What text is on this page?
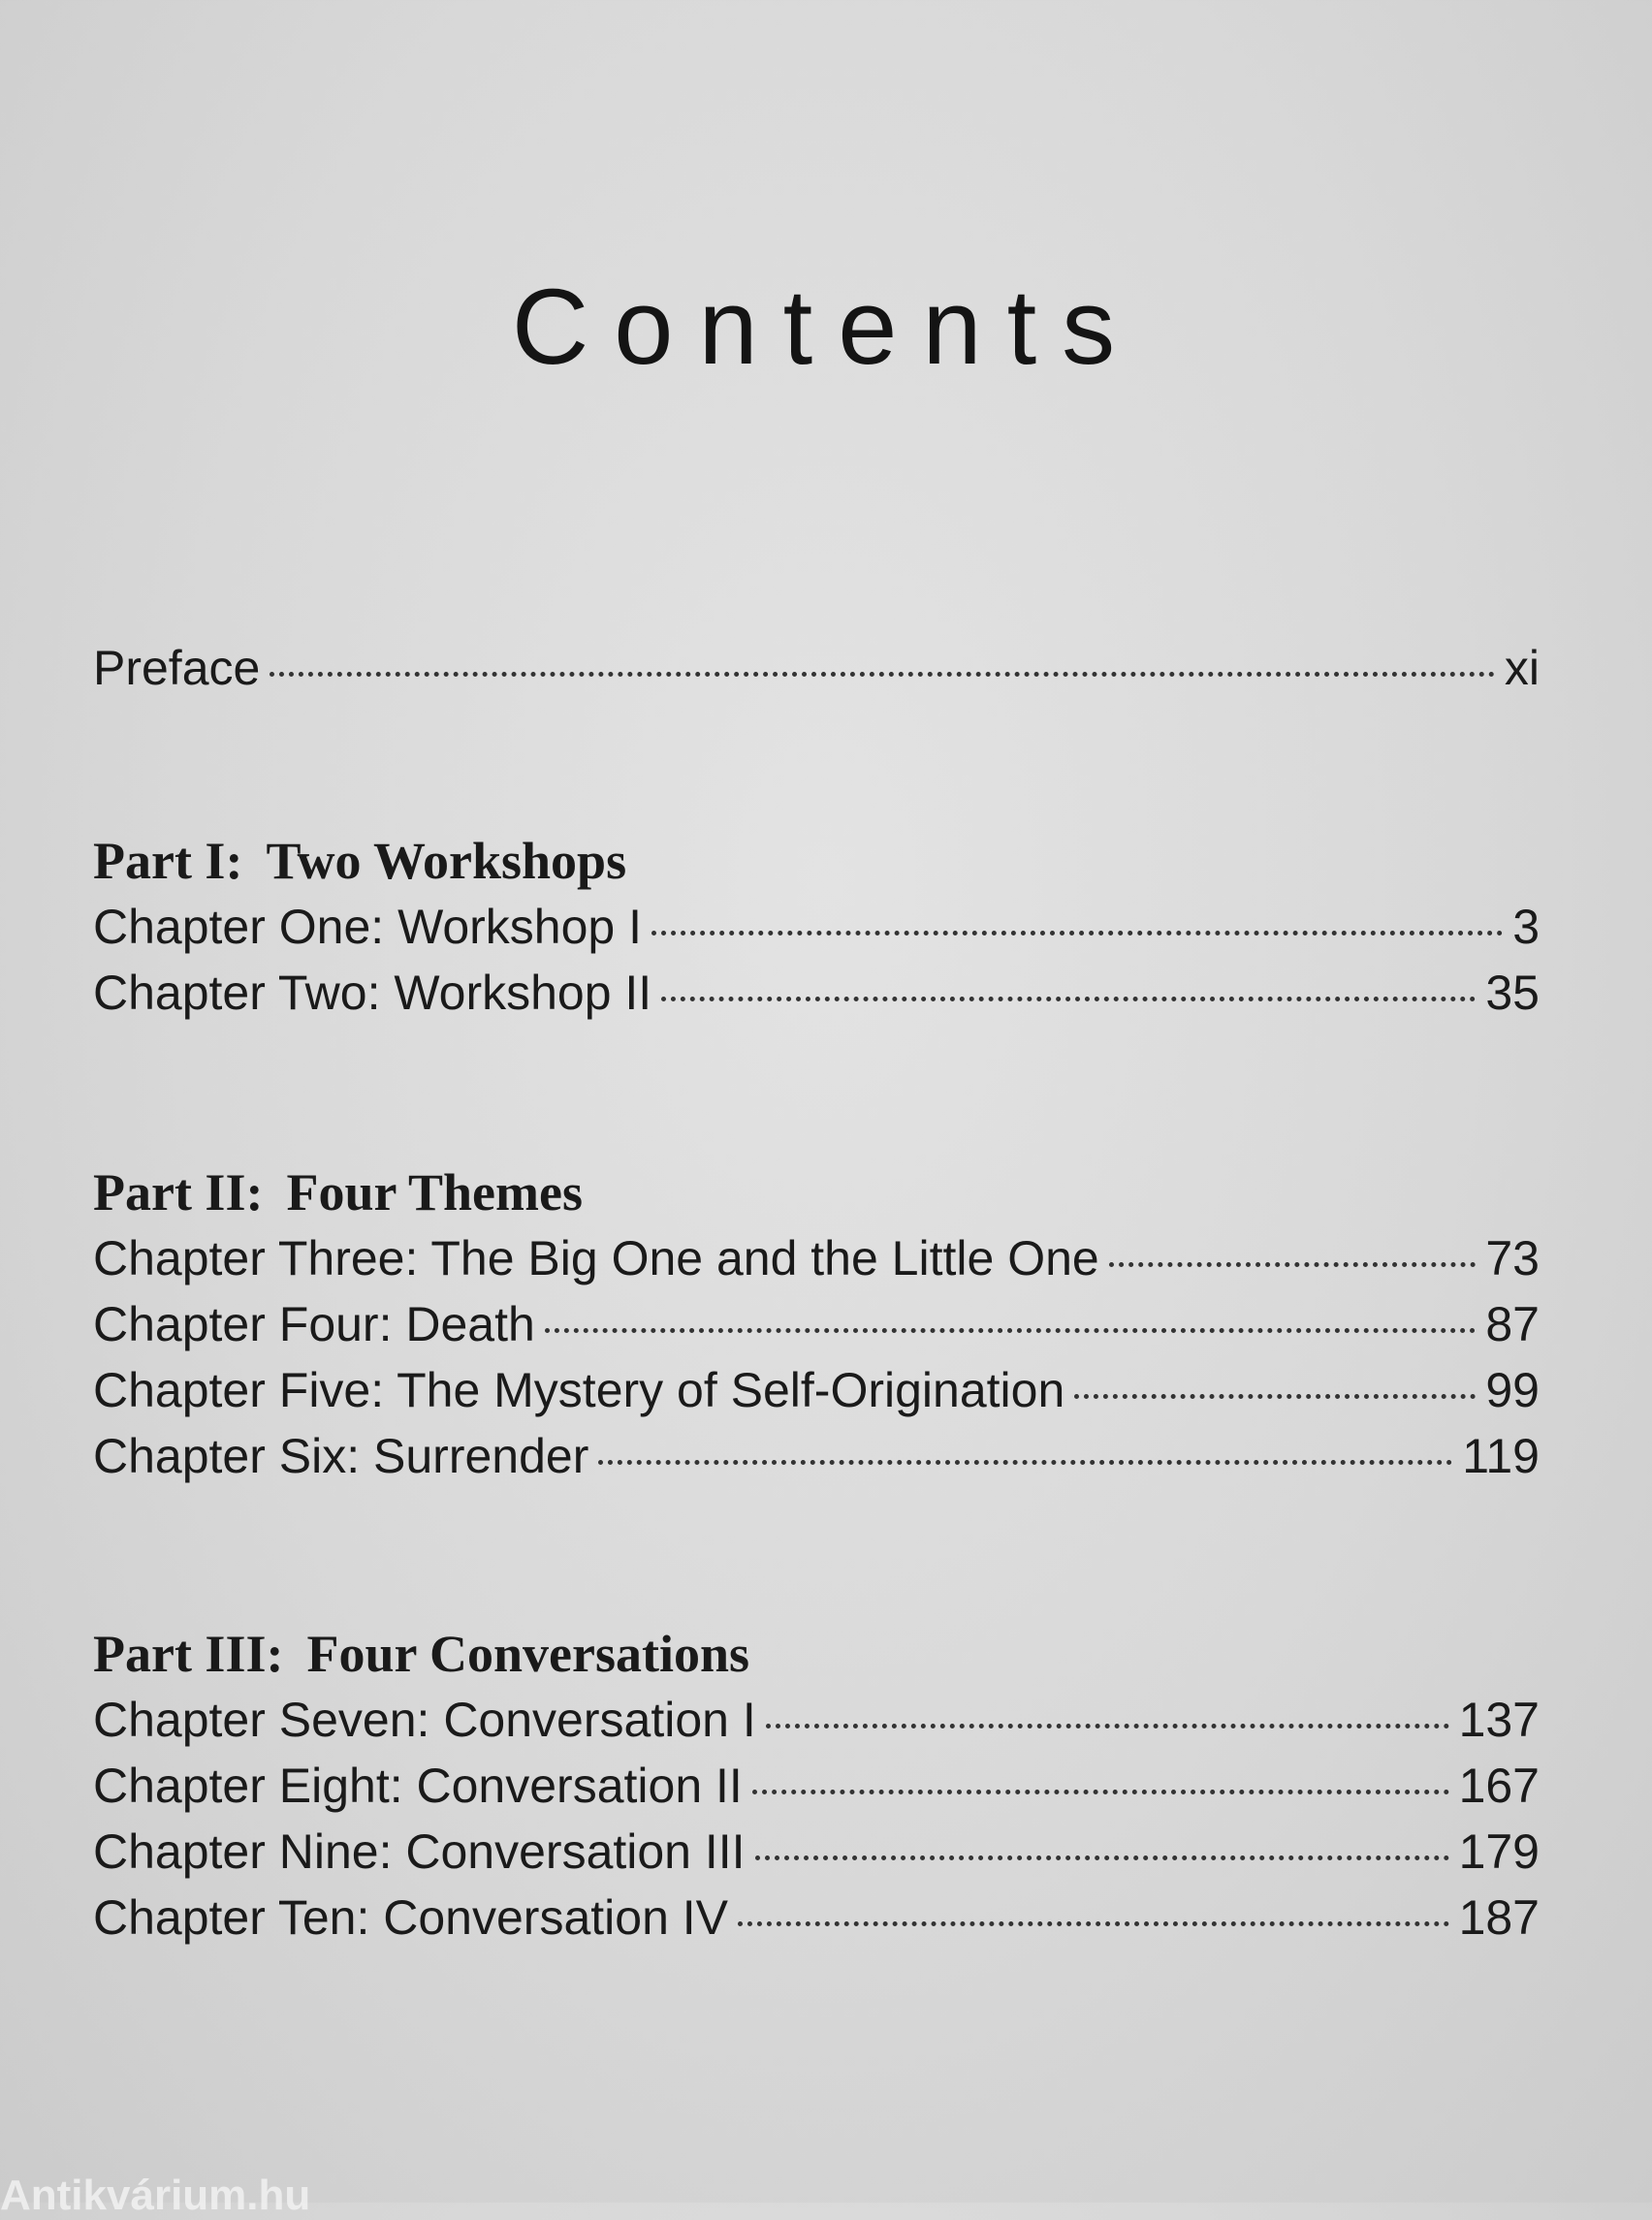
Contents
Preface	xi
Part I: Two Workshops
Chapter One: Workshop I	3
Chapter Two: Workshop II	35
Part II: Four Themes
Chapter Three: The Big One and the Little One	73
Chapter Four: Death	87
Chapter Five: The Mystery of Self-Origination	99
Chapter Six: Surrender	119
Part III: Four Conversations
Chapter Seven: Conversation I	137
Chapter Eight: Conversation II	167
Chapter Nine: Conversation III	179
Chapter Ten: Conversation IV	187
Antikvárium.hu
